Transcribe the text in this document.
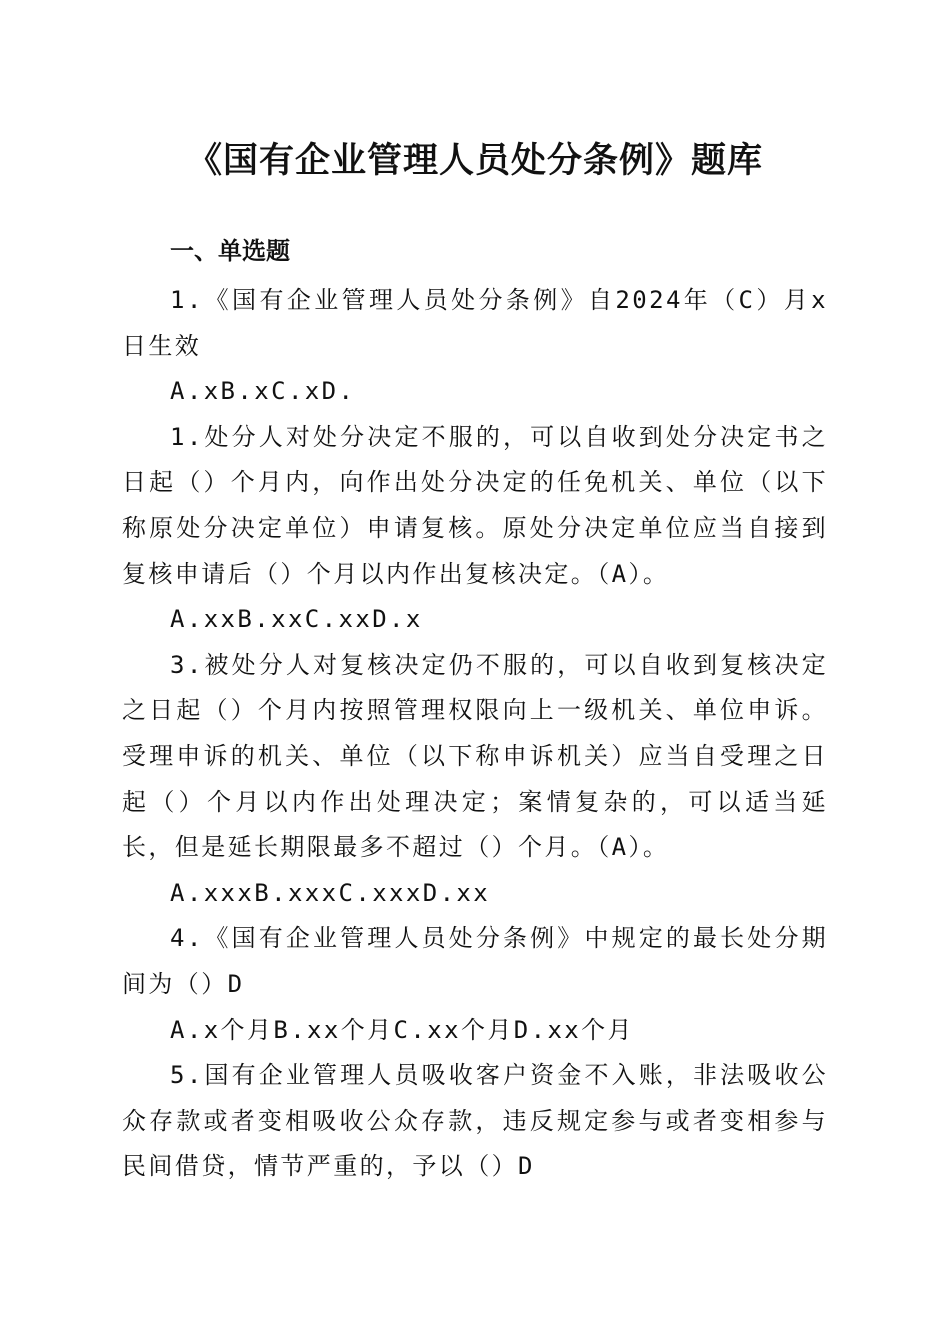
《国有企业管理人员处分条例》题库
一、单选题

1.《国有企业管理人员处分条例》自2024年（C）月x日生效

A.xB.xC.xD.

1.处分人对处分决定不服的，可以自收到处分决定书之日起（）个月内，向作出处分决定的任免机关、单位（以下称原处分决定单位）申请复核。原处分决定单位应当自接到复核申请后（）个月以内作出复核决定。（A）。

A.xxB.xxC.xxD.x

3.被处分人对复核决定仍不服的，可以自收到复核决定之日起（）个月内按照管理权限向上一级机关、单位申诉。受理申诉的机关、单位（以下称申诉机关）应当自受理之日起（）个月以内作出处理决定；案情复杂的，可以适当延长，但是延长期限最多不超过（）个月。（A）。

A.xxxB.xxxC.xxxD.xx

4.《国有企业管理人员处分条例》中规定的最长处分期间为（）D

A.x个月B.xx个月C.xx个月D.xx个月

5.国有企业管理人员吸收客户资金不入账，非法吸收公众存款或者变相吸收公众存款，违反规定参与或者变相参与民间借贷，情节严重的，予以（）D
